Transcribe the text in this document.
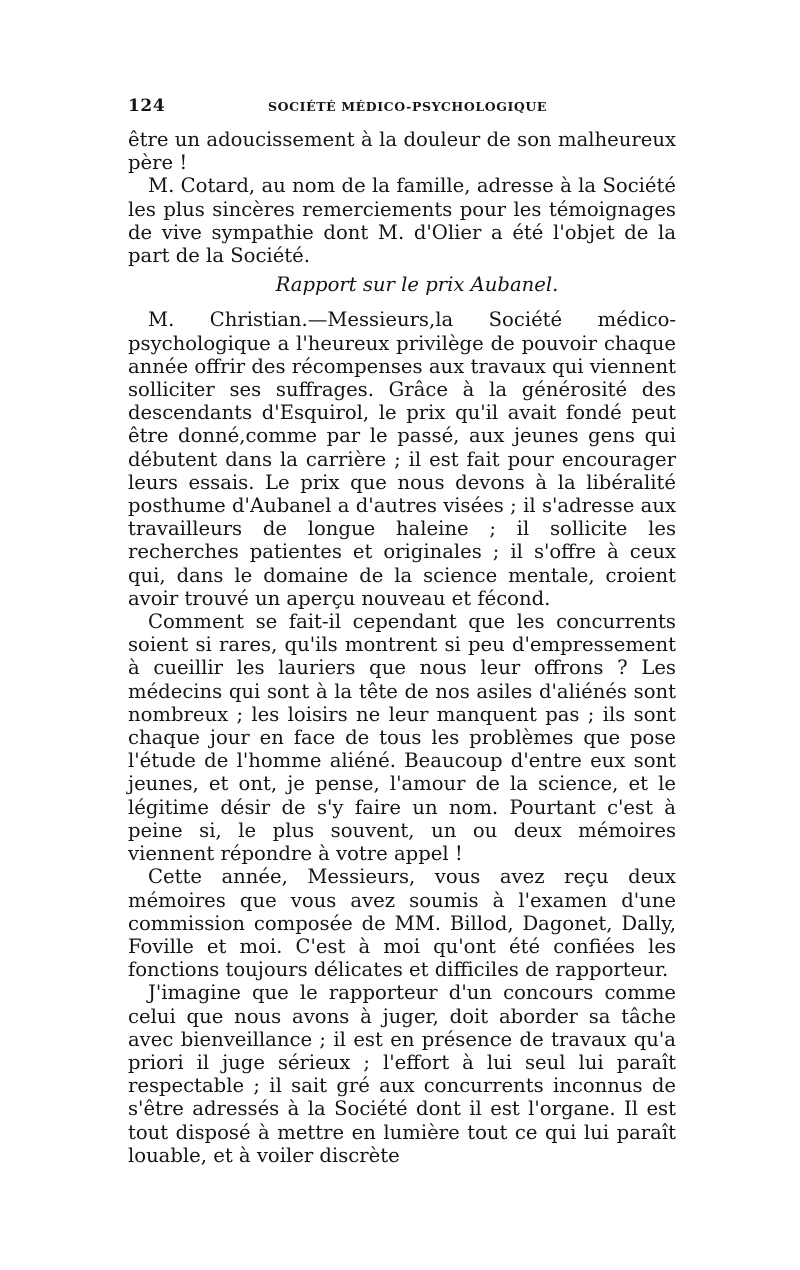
124	SOCIÉTÉ MÉDICO-PSYCHOLOGIQUE

être un adoucissement à la douleur de son malheureux père !

M. Cotard, au nom de la famille, adresse à la Société les plus sincères remerciements pour les témoignages de vive sympathie dont M. d'Olier a été l'objet de la part de la Société.

Rapport sur le prix Aubanel.

M. Christian.—Messieurs,la Société médico-psychologique a l'heureux privilège de pouvoir chaque année offrir des récompenses aux travaux qui viennent solliciter ses suffrages. Grâce à la générosité des descendants d'Esquirol, le prix qu'il avait fondé peut être donné,comme par le passé, aux jeunes gens qui débutent dans la carrière ; il est fait pour encourager leurs essais. Le prix que nous devons à la libéralité posthume d'Aubanel a d'autres visées ; il s'adresse aux travailleurs de longue haleine ; il sollicite les recherches patientes et originales ; il s'offre à ceux qui, dans le domaine de la science mentale, croient avoir trouvé un aperçu nouveau et fécond.

Comment se fait-il cependant que les concurrents soient si rares, qu'ils montrent si peu d'empressement à cueillir les lauriers que nous leur offrons ? Les médecins qui sont à la tête de nos asiles d'aliénés sont nombreux ; les loisirs ne leur manquent pas ; ils sont chaque jour en face de tous les problèmes que pose l'étude de l'homme aliéné. Beaucoup d'entre eux sont jeunes, et ont, je pense, l'amour de la science, et le légitime désir de s'y faire un nom. Pourtant c'est à peine si, le plus souvent, un ou deux mémoires viennent répondre à votre appel !

Cette année, Messieurs, vous avez reçu deux mémoires que vous avez soumis à l'examen d'une commission composée de MM. Billod, Dagonet, Dally, Foville et moi. C'est à moi qu'ont été confiées les fonctions toujours délicates et difficiles de rapporteur.

J'imagine que le rapporteur d'un concours comme celui que nous avons à juger, doit aborder sa tâche avec bienveillance ; il est en présence de travaux qu'a priori il juge sérieux ; l'effort à lui seul lui paraît respectable ; il sait gré aux concurrents inconnus de s'être adressés à la Société dont il est l'organe. Il est tout disposé à mettre en lumière tout ce qui lui paraît louable, et à voiler discrète
